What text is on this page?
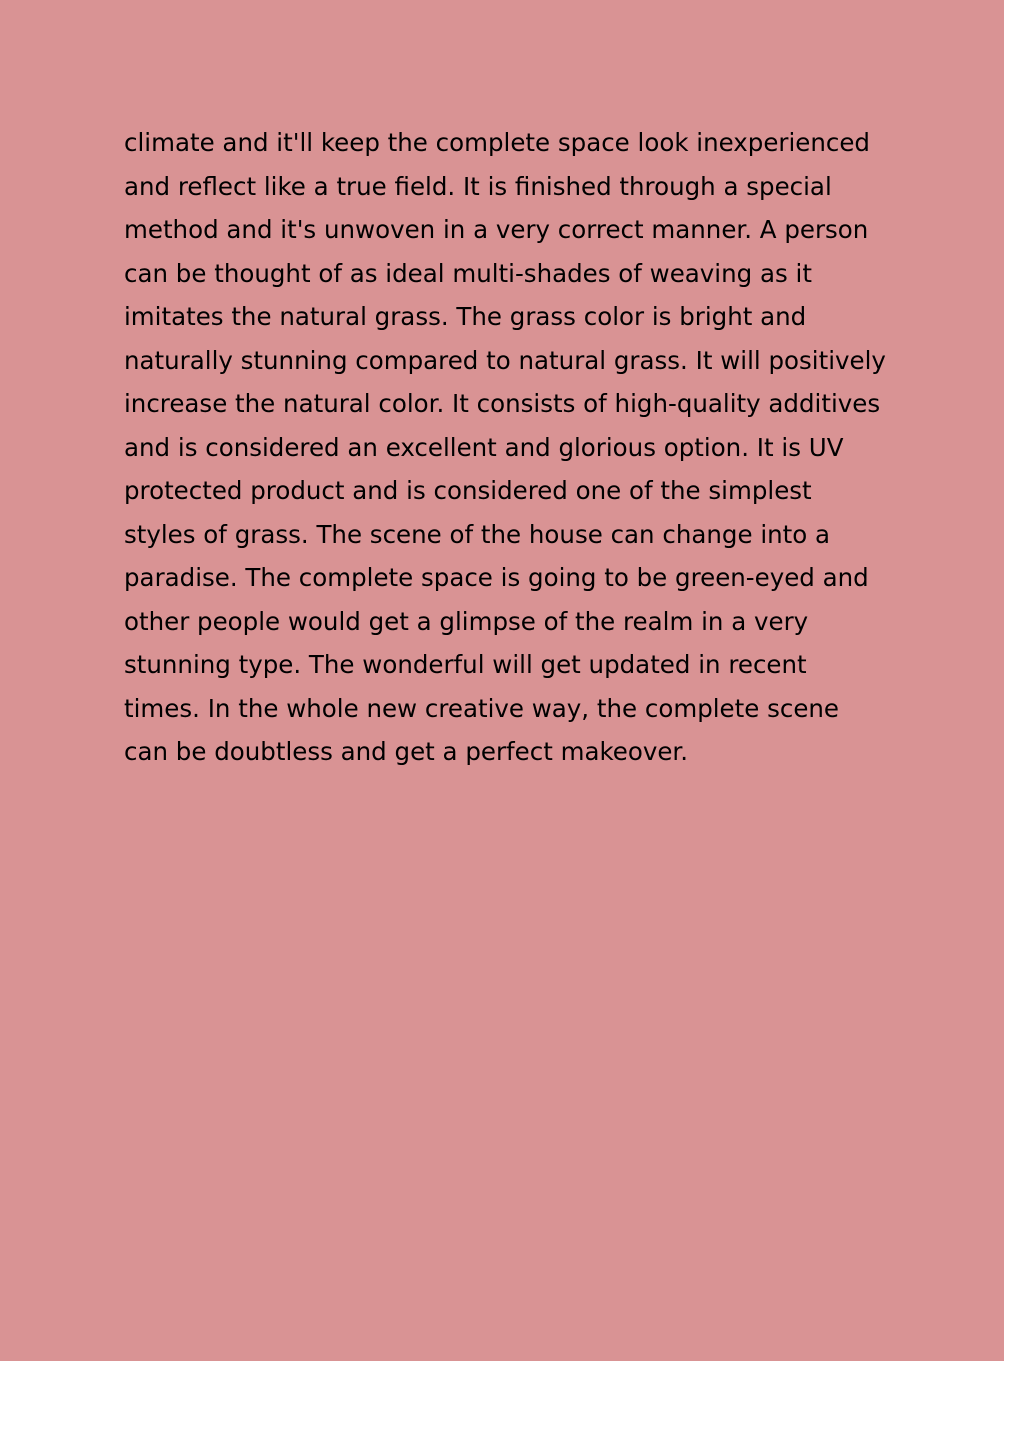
climate and it'll keep the complete space look inexperienced
and reflect like a true field. It is finished through a special
method and it's unwoven in a very correct manner. A person
can be thought of as ideal multi-shades of weaving as it
imitates the natural grass. The grass color is bright and
naturally stunning compared to natural grass. It will positively
increase the natural color. It consists of high-quality additives
and is considered an excellent and glorious option. It is UV
protected product and is considered one of the simplest
styles of grass. The scene of the house can change into a
paradise. The complete space is going to be green-eyed and
other people would get a glimpse of the realm in a very
stunning type. The wonderful will get updated in recent
times. In the whole new creative way, the complete scene
can be doubtless and get a perfect makeover.
